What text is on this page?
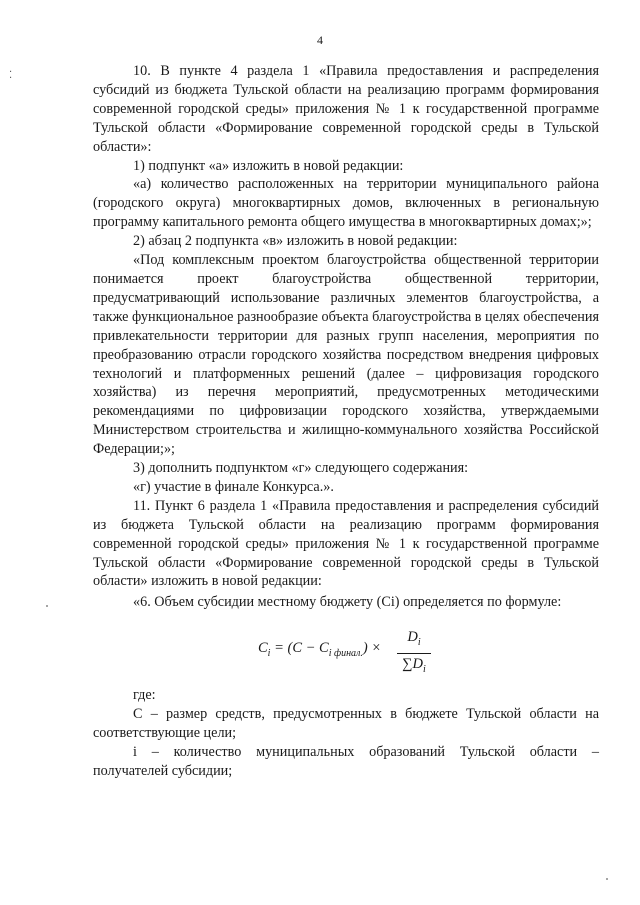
4
⁚	10. В пункте 4 раздела 1 «Правила предоставления и распределения субсидий из бюджета Тульской области на реализацию программ формирования современной городской среды» приложения № 1 к государственной программе Тульской области «Формирование современной городской среды в Тульской области»:

1) подпункт «а» изложить в новой редакции:

«а) количество расположенных на территории муниципального района (городского округа) многоквартирных домов, включенных в региональную программу капитального ремонта общего имущества в многоквартирных домах;»;

2) абзац 2 подпункта «в» изложить в новой редакции:

«Под комплексным проектом благоустройства общественной территории понимается проект благоустройства общественной территории, предусматривающий использование различных элементов благоустройства, а также функциональное разнообразие объекта благоустройства в целях обеспечения привлекательности территории для разных групп населения, мероприятия по преобразованию отрасли городского хозяйства посредством внедрения цифровых технологий и платформенных решений (далее – цифровизация городского хозяйства) из перечня мероприятий, предусмотренных методическими рекомендациями по цифровизации городского хозяйства, утверждаемыми Министерством строительства и жилищно-коммунального хозяйства Российской Федерации;»;

3) дополнить подпунктом «г» следующего содержания:

«г) участие в финале Конкурса.».

11. Пункт 6 раздела 1 «Правила предоставления и распределения субсидий из бюджета Тульской области на реализацию программ формирования современной городской среды» приложения № 1 к государственной программе Тульской области «Формирование современной городской среды в Тульской области» изложить в новой редакции:

«6. Объем субсидии местному бюджету (Ci) определяется по формуле:

$C_i = (C - C_{i финал.})$ ×
$D_i$
$\sum D_i$

где:

C – размер средств, предусмотренных в бюджете Тульской области на соответствующие цели;

i – количество муниципальных образований Тульской области – получателей субсидии;
